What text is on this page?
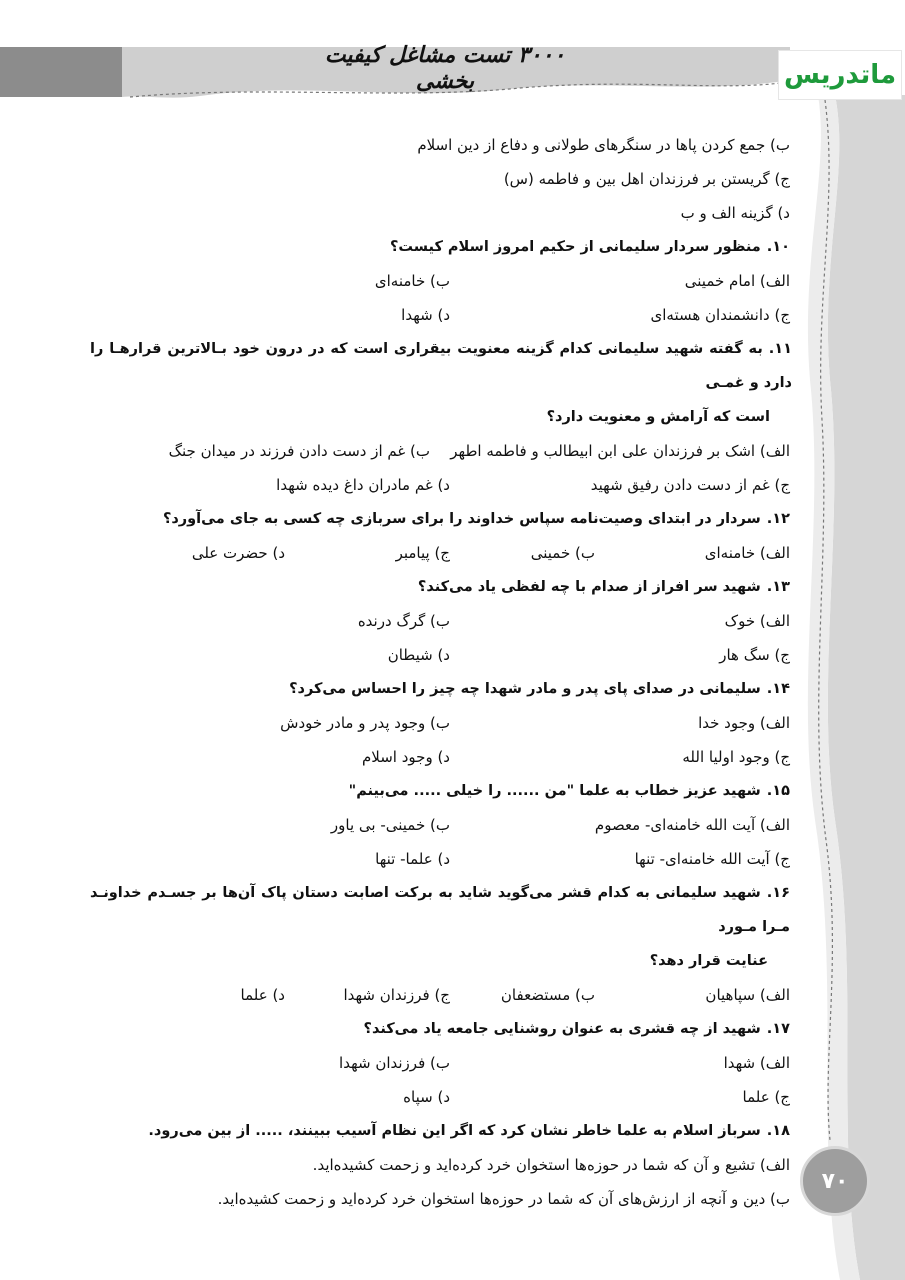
۳۰۰۰ تست مشاغل کیفیت بخشی	ماتدریس
ب) جمع کردن پاها در سنگرهای طولانی و دفاع از دین اسلام
ج) گریستن بر فرزندان اهل بین و فاطمه (س)
د) گزینه الف و ب
۱۰.منظور سردار سلیمانی از حکیم امروز اسلام کیست؟
الف) امام خمینی
ب) خامنه‌ای
ج) دانشمندان هسته‌ای
د) شهدا
۱۱.به گفته شهید سلیمانی کدام گزینه معنویت بیقراری است که در درون خود بـالاترین قرارهـا را دارد و غمـی
است که آرامش و معنویت دارد؟
الف) اشک بر فرزندان علی ابن ابیطالب و فاطمه اطهر
ب) غم از دست دادن فرزند در میدان جنگ
ج) غم از دست دادن رفیق شهید
د) غم مادران داغ دیده شهدا
۱۲.سردار در ابتدای وصیت‌نامه سپاس خداوند را برای سربازی چه کسی به جای می‌آورد؟
الف) خامنه‌ای
ب) خمینی
ج) پیامبر
د) حضرت علی
۱۳.شهید سر افراز از صدام با چه لفظی یاد می‌کند؟
الف) خوک
ب) گرگ درنده
ج) سگ هار
د) شیطان
۱۴.سلیمانی در صدای پای پدر و مادر شهدا چه چیز را احساس می‌کرد؟
الف) وجود خدا
ب) وجود پدر و مادر خودش
ج) وجود اولیا الله
د) وجود اسلام
۱۵.شهید عزیز خطاب به علما "من ...... را خیلی ..... می‌بینم"
الف) آیت الله خامنه‌ای- معصوم
ب) خمینی- بی یاور
ج) آیت الله خامنه‌ای- تنها
د) علما- تنها
۱۶.شهید سلیمانی به کدام قشر می‌گوید شاید به برکت اصابت دستان پاک آن‌ها بر جسـدم خداونـد مـرا مـورد
عنایت قرار دهد؟
الف) سپاهیان
ب) مستضعفان
ج) فرزندان شهدا
د) علما
۱۷.شهید از چه قشری به عنوان روشنایی جامعه یاد می‌کند؟
الف) شهدا
ب) فرزندان شهدا
ج) علما
د) سپاه
۱۸.سرباز اسلام به علما خاطر نشان کرد که اگر این نظام آسیب ببینند، ..... از بین می‌رود.
الف) تشیع و آن که شما در حوزه‌ها استخوان خرد کرده‌اید و زحمت کشیده‌اید.
ب) دین و آنچه از ارزش‌های آن که شما در حوزه‌ها استخوان خرد کرده‌اید و زحمت کشیده‌اید.
۷۰
